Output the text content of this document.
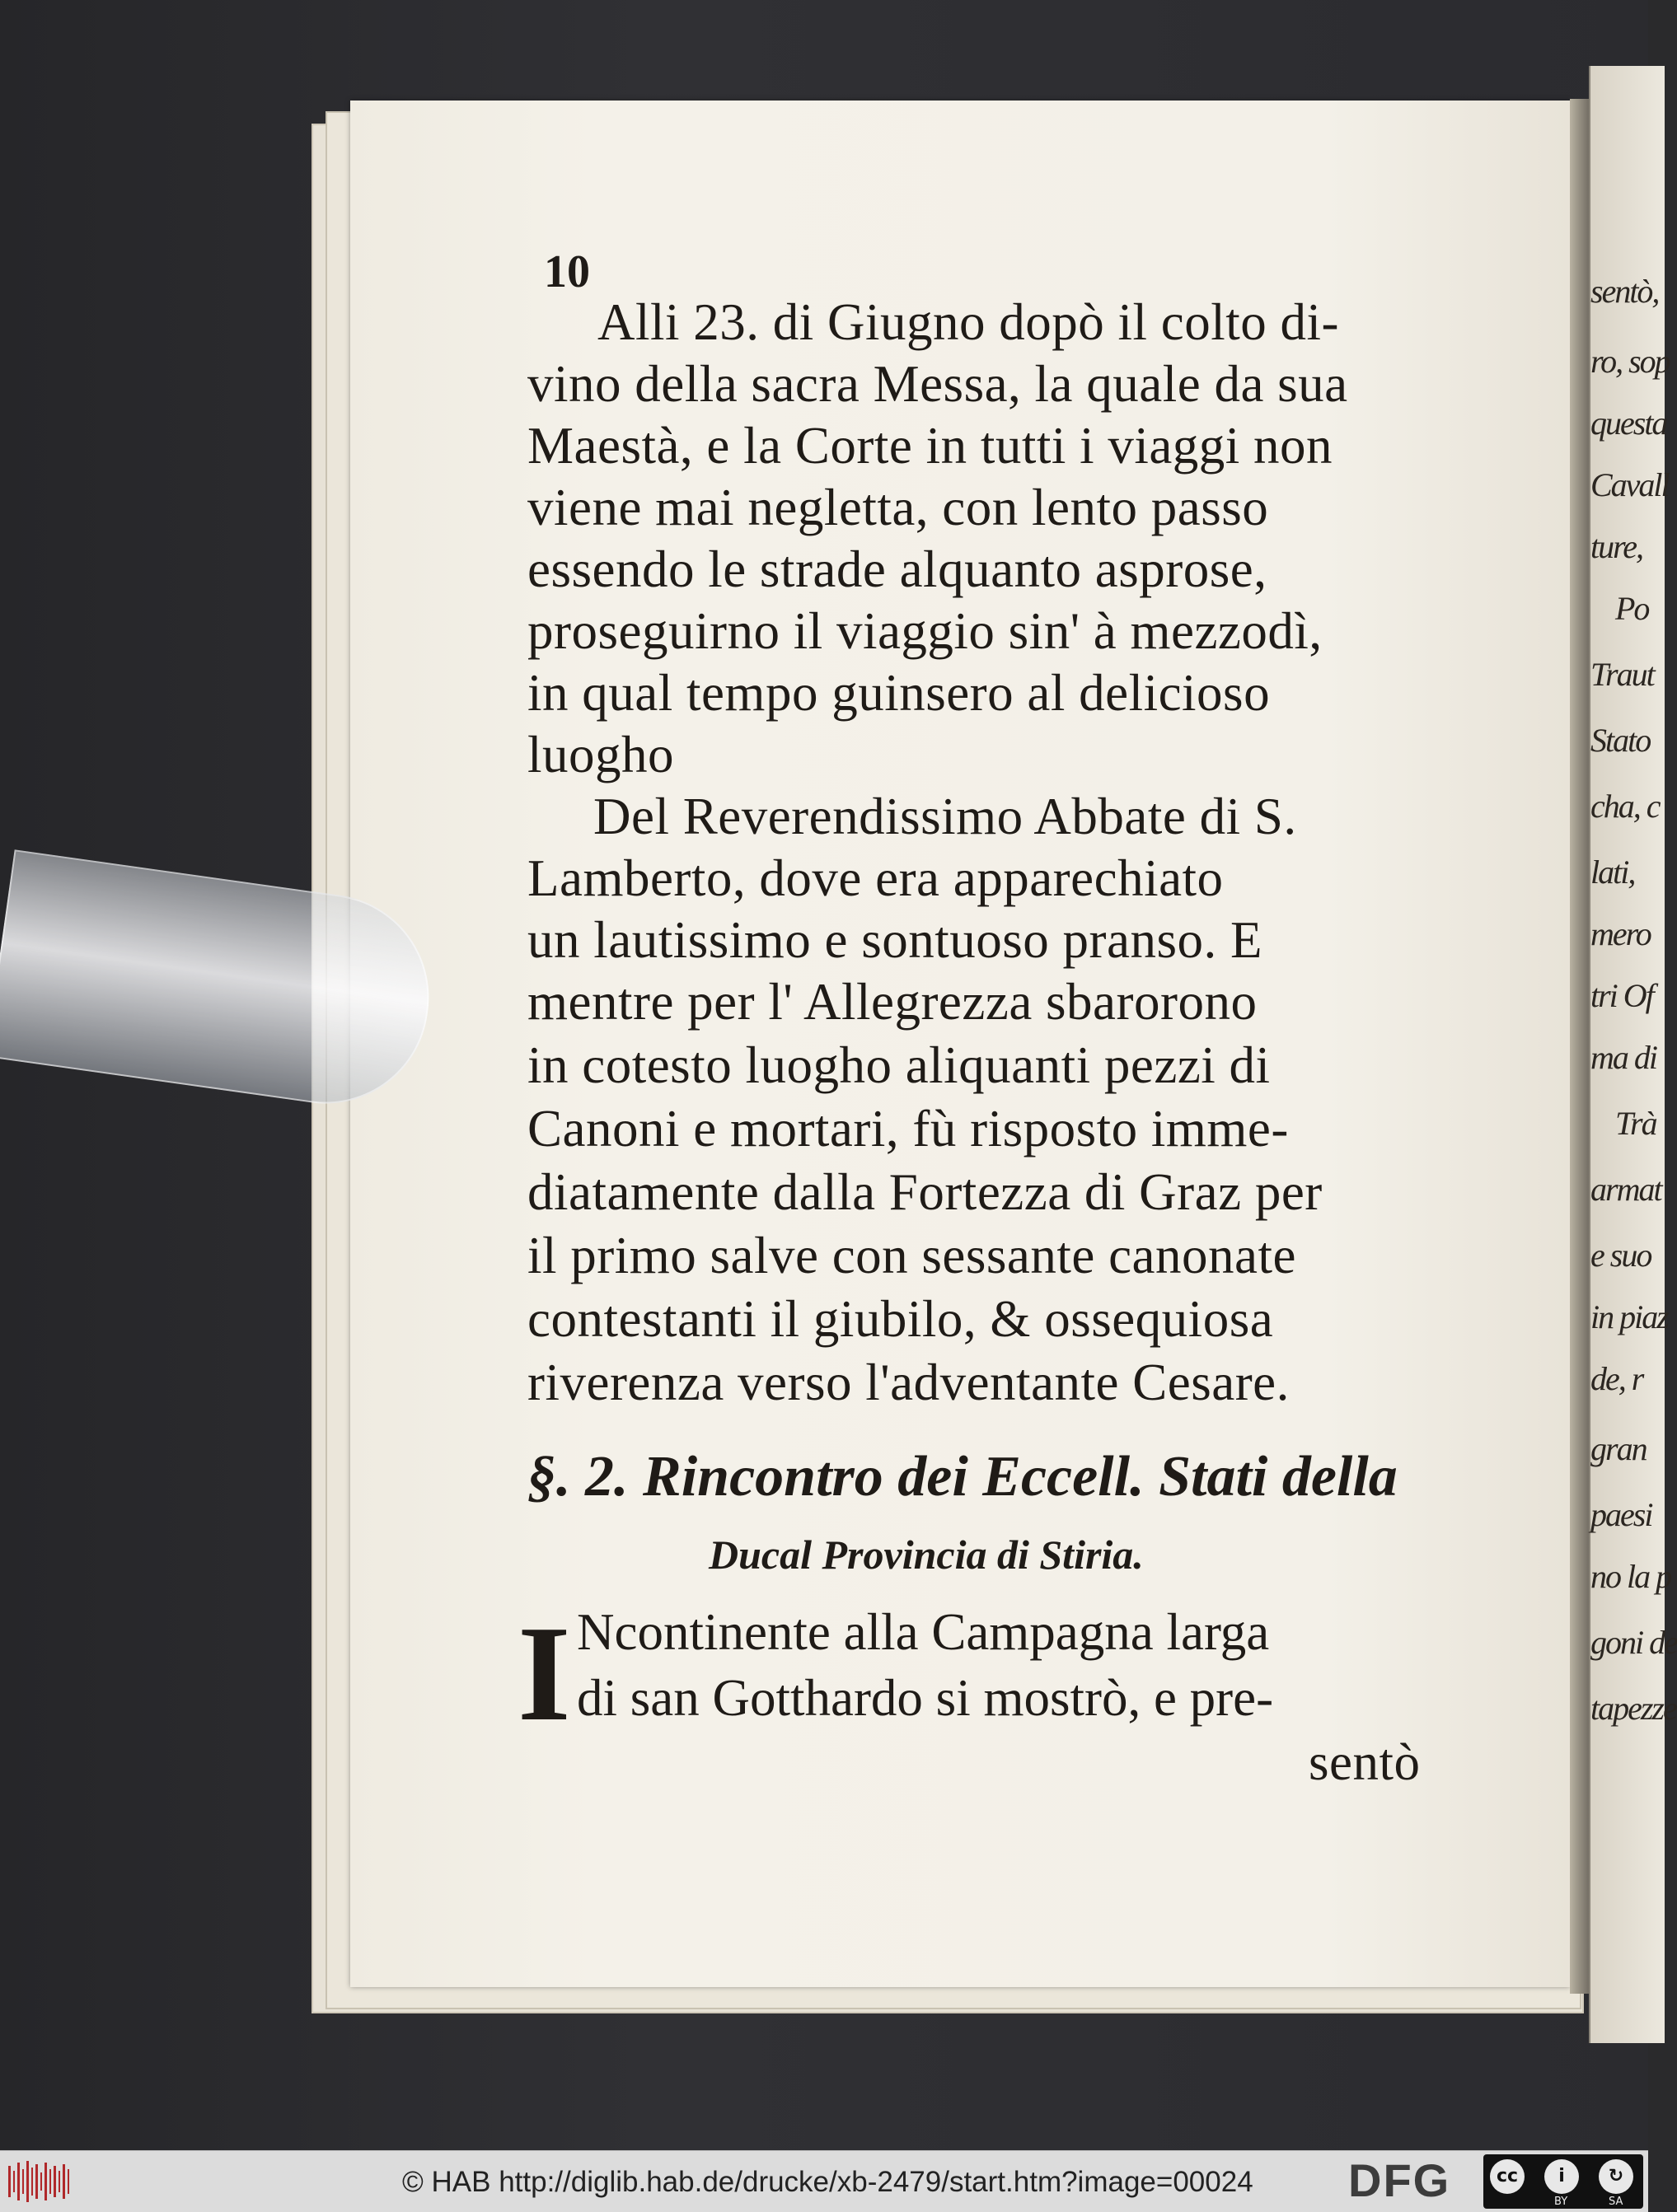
sentò,
ro, sop
questa
Cavall
ture,
Po
Traut
Stato
cha, c
lati,
mero
tri Of
ma di
Trà
armat
e suo
in piaz
de, r
gran
paesi
no la p
goni de
tapezze
10
Alli 23. di Giugno dopò il colto di-
vino della sacra Messa, la quale da sua
Maestà, e la Corte in tutti i viaggi non
viene mai negletta, con lento passo
essendo le strade alquanto asprose,
proseguirno il viaggio sin' à mezzodì,
in qual tempo guinsero al delicioso
luogho
Del Reverendissimo Abbate di S.
Lamberto, dove era apparechiato
un lautissimo e sontuoso pranso. E
mentre per l' Allegrezza sbarorono
in cotesto luogho aliquanti pezzi di
Canoni e mortari, fù risposto imme-
diatamente dalla Fortezza di Graz per
il primo salve con sessante canonate
contestanti il giubilo, & ossequiosa
riverenza verso l'adventante Cesare.
§. 2. Rincontro dei Eccell. Stati della
Ducal Provincia di Stiria.
I Ncontinente alla Campagna larga
di san Gotthardo si mostrò, e pre-
sentò
© HAB http://diglib.hab.de/drucke/xb-2479/start.htm?image=00024 DFG	cc	i	↻
BY	SA
